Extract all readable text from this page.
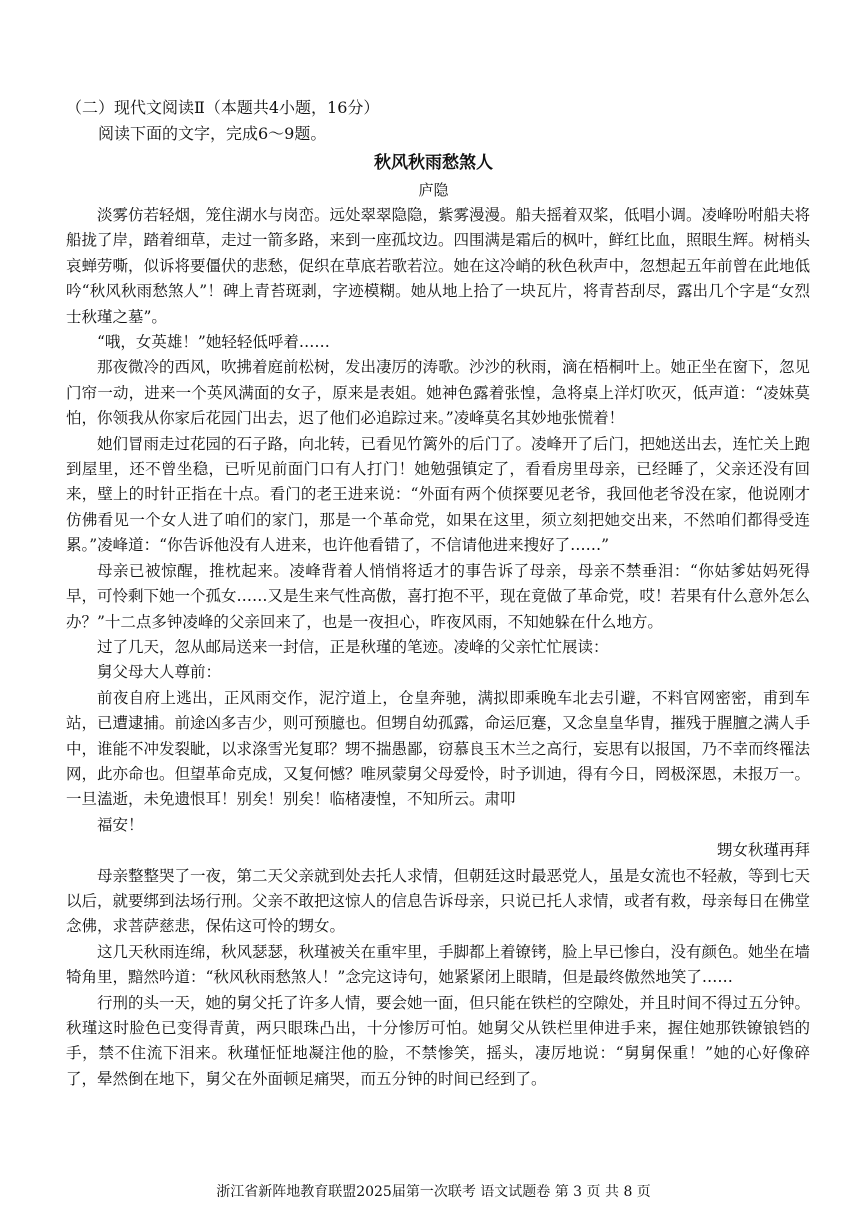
（二）现代文阅读Ⅱ（本题共4小题，16分）
阅读下面的文字，完成6～9题。
秋风秋雨愁煞人
庐隐

淡雾仿若轻烟，笼住湖水与岗峦。远处翠翠隐隐，紫雾漫漫。船夫摇着双桨，低唱小调。凌峰吩咐船夫将船拢了岸，踏着细草，走过一箭多路，来到一座孤坟边。四围满是霜后的枫叶，鲜红比血，照眼生辉。树梢头哀蝉劳嘶，似诉将要僵伏的悲愁，促织在草底若歌若泣。她在这冷峭的秋色秋声中，忽想起五年前曾在此地低吟“秋风秋雨愁煞人”！碑上青苔斑剥，字迹模糊。她从地上拾了一块瓦片，将青苔刮尽，露出几个字是“女烈士秋瑾之墓”。

“哦，女英雄！”她轻轻低呼着……

那夜微冷的西风，吹拂着庭前松树，发出凄厉的涛歌。沙沙的秋雨，滴在梧桐叶上。她正坐在窗下，忽见门帘一动，进来一个英风满面的女子，原来是表姐。她神色露着张惶，急将桌上洋灯吹灭，低声道：“凌妹莫怕，你领我从你家后花园门出去，迟了他们必追踪过来。”凌峰莫名其妙地张慌着！

她们冒雨走过花园的石子路，向北转，已看见竹篱外的后门了。凌峰开了后门，把她送出去，连忙关上跑到屋里，还不曾坐稳，已听见前面门口有人打门！她勉强镇定了，看看房里母亲，已经睡了，父亲还没有回来，壁上的时针正指在十点。看门的老王进来说：“外面有两个侦探要见老爷，我回他老爷没在家，他说刚才仿佛看见一个女人进了咱们的家门，那是一个革命党，如果在这里，须立刻把她交出来，不然咱们都得受连累。”凌峰道：“你告诉他没有人进来，也许他看错了，不信请他进来搜好了……”

母亲已被惊醒，推枕起来。凌峰背着人悄悄将适才的事告诉了母亲，母亲不禁垂泪：“你姑爹姑妈死得早，可怜剩下她一个孤女……又是生来气性高傲，喜打抱不平，现在竟做了革命党，哎！若果有什么意外怎么办？”十二点多钟凌峰的父亲回来了，也是一夜担心，昨夜风雨，不知她躲在什么地方。

过了几天，忽从邮局送来一封信，正是秋瑾的笔迹。凌峰的父亲忙忙展读：

舅父母大人尊前：

前夜自府上逃出，正风雨交作，泥泞道上，仓皇奔驰，满拟即乘晚车北去引避，不料官网密密，甫到车站，已遭逮捕。前途凶多吉少，则可预臆也。但甥自幼孤露，命运厄蹇，又念皇皇华胄，摧残于腥膻之满人手中，谁能不冲发裂眦，以求涤雪光复耶？甥不揣愚鄙，窃慕良玉木兰之高行，妄思有以报国，乃不幸而终罹法网，此亦命也。但望革命克成，又复何憾？唯夙蒙舅父母爱怜，时予训迪，得有今日，罔极深恩，未报万一。一旦溘逝，未免遗恨耳！别矣！别矣！临楮凄惶，不知所云。肃叩

福安！

甥女秋瑾再拜

母亲整整哭了一夜，第二天父亲就到处去托人求情，但朝廷这时最恶党人，虽是女流也不轻赦，等到七天以后，就要绑到法场行刑。父亲不敢把这惊人的信息告诉母亲，只说已托人求情，或者有救，母亲每日在佛堂念佛，求菩萨慈悲，保佑这可怜的甥女。

这几天秋雨连绵，秋风瑟瑟，秋瑾被关在重牢里，手脚都上着镣铐，脸上早已惨白，没有颜色。她坐在墙犄角里，黯然吟道：“秋风秋雨愁煞人！”念完这诗句，她紧紧闭上眼睛，但是最终傲然地笑了……

行刑的头一天，她的舅父托了许多人情，要会她一面，但只能在铁栏的空隙处，并且时间不得过五分钟。秋瑾这时脸色已变得青黄，两只眼珠凸出，十分惨厉可怕。她舅父从铁栏里伸进手来，握住她那铁镣锒铛的手，禁不住流下泪来。秋瑾怔怔地凝注他的脸，不禁惨笑，摇头，凄厉地说：“舅舅保重！”她的心好像碎了，晕然倒在地下，舅父在外面顿足痛哭，而五分钟的时间已经到了。

浙江省新阵地教育联盟2025届第一次联考 语文试题卷 第 3 页 共 8 页
